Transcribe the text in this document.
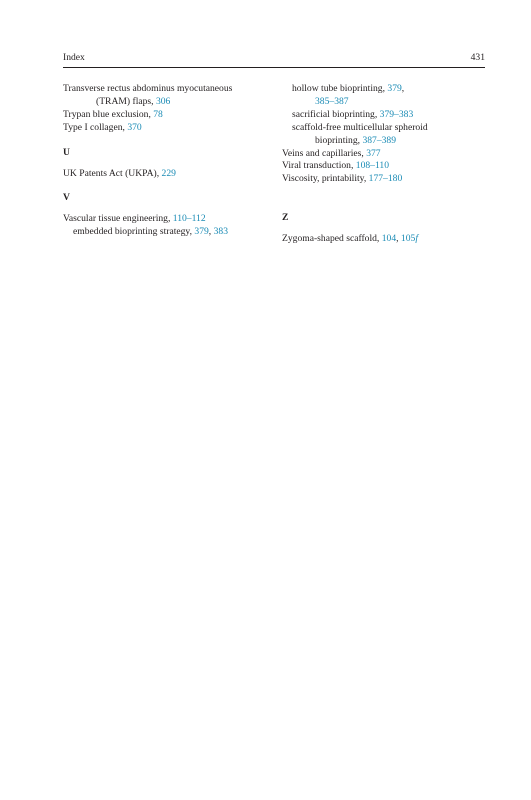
Index	431

Transverse rectus abdominus myocutaneous

(TRAM) flaps, 306

Trypan blue exclusion, 78

Type I collagen, 370

U

UK Patents Act (UKPA), 229

V

Vascular tissue engineering, 110–112

embedded bioprinting strategy, 379, 383

hollow tube bioprinting, 379,

385–387

sacrificial bioprinting, 379–383

scaffold-free multicellular spheroid

bioprinting, 387–389

Veins and capillaries, 377

Viral transduction, 108–110

Viscosity, printability, 177–180

Z

Zygoma-shaped scaffold, 104, 105f
